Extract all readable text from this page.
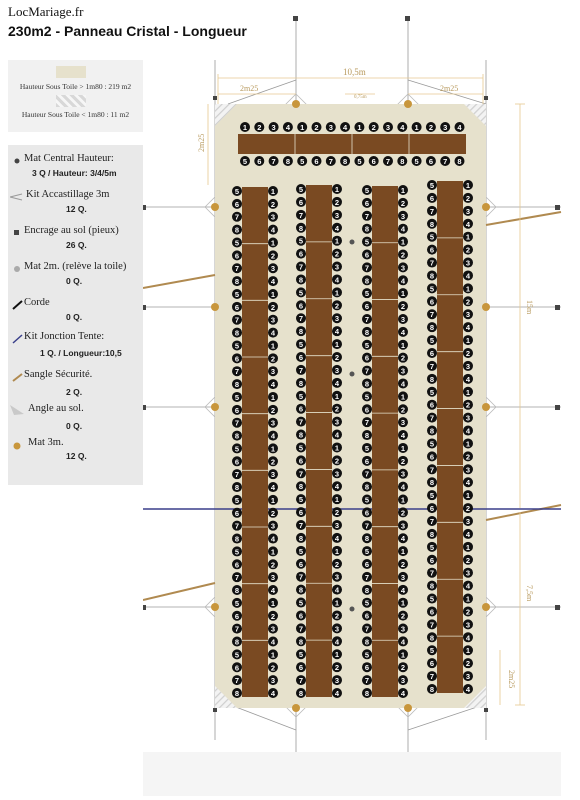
LocMariage.fr
230m2 - Panneau Cristal - Longueur
Hauteur Sous Toile > 1m80 : 219 m2
Hauteur Sous Toile < 1m80 : 11 m2
Mat Central Hauteur:
3 Q / Hauteur: 3/4/5m
Kit Accastillage 3m
12 Q.
Encrage au sol (pieux)
26 Q.
Mat 2m. (relève la toile)
0 Q.
Corde
0 Q.
Kit Jonction Tente:
1 Q. / Longueur:10,5
Sangle Sécurité.
2 Q.
Angle au sol.
0 Q.
Mat 3m.
12 Q.
10,5m
2m25	2m25
0,75m
2m25
15m
7,5m
2m25
1 2 3 4 1 2 3 4 1 2 3 4 1 2 3 4
5 6 7 8 5 6 7 8 5 6 7 8 5 6 7 8
5
6
7
8
5
6
7
8
5
6
7
8
5
6
7
8
5
6
7
8
5
6
7
8
5
6
7
8
5
6
7
8
5
6
7
8
5
6
7
8
1
2
3
4
1
2
3
4
1
2
3
4
1
2
3
4
1
2
3
4
1
2
3
4
1
2
3
4
1
2
3
4
1
2
3
4
1
2
3
4
5
6
7
8
5
6
7
8
5
6
7
8
5
6
7
8
5
6
7
8
5
6
7
8
5
6
7
8
5
6
7
8
5
6
7
8
5
6
7
8
1
2
3
4
1
2
3
4
1
2
3
4
1
2
3
4
1
2
3
4
1
2
3
4
1
2
3
4
1
2
3
4
1
2
3
4
1
2
3
4
5
6
7
8
5
6
7
8
5
6
7
8
5
6
7
8
5
6
7
8
5
6
7
8
5
6
7
8
5
6
7
8
5
6
7
8
5
6
7
8
1
2
3
4
1
2
3
4
1
2
3
4
1
2
3
4
1
2
3
4
1
2
3
4
1
2
3
4
1
2
3
4
1
2
3
4
1
2
3
4
5
6
7
8
5
6
7
8
5
6
7
8
5
6
7
8
5
6
7
8
5
6
7
8
5
6
7
8
5
6
7
8
5
6
7
8
5
6
7
8
1
2
3
4
1
2
3
4
1
2
3
4
1
2
3
4
1
2
3
4
1
2
3
4
1
2
3
4
1
2
3
4
1
2
3
4
1
2
3
4
